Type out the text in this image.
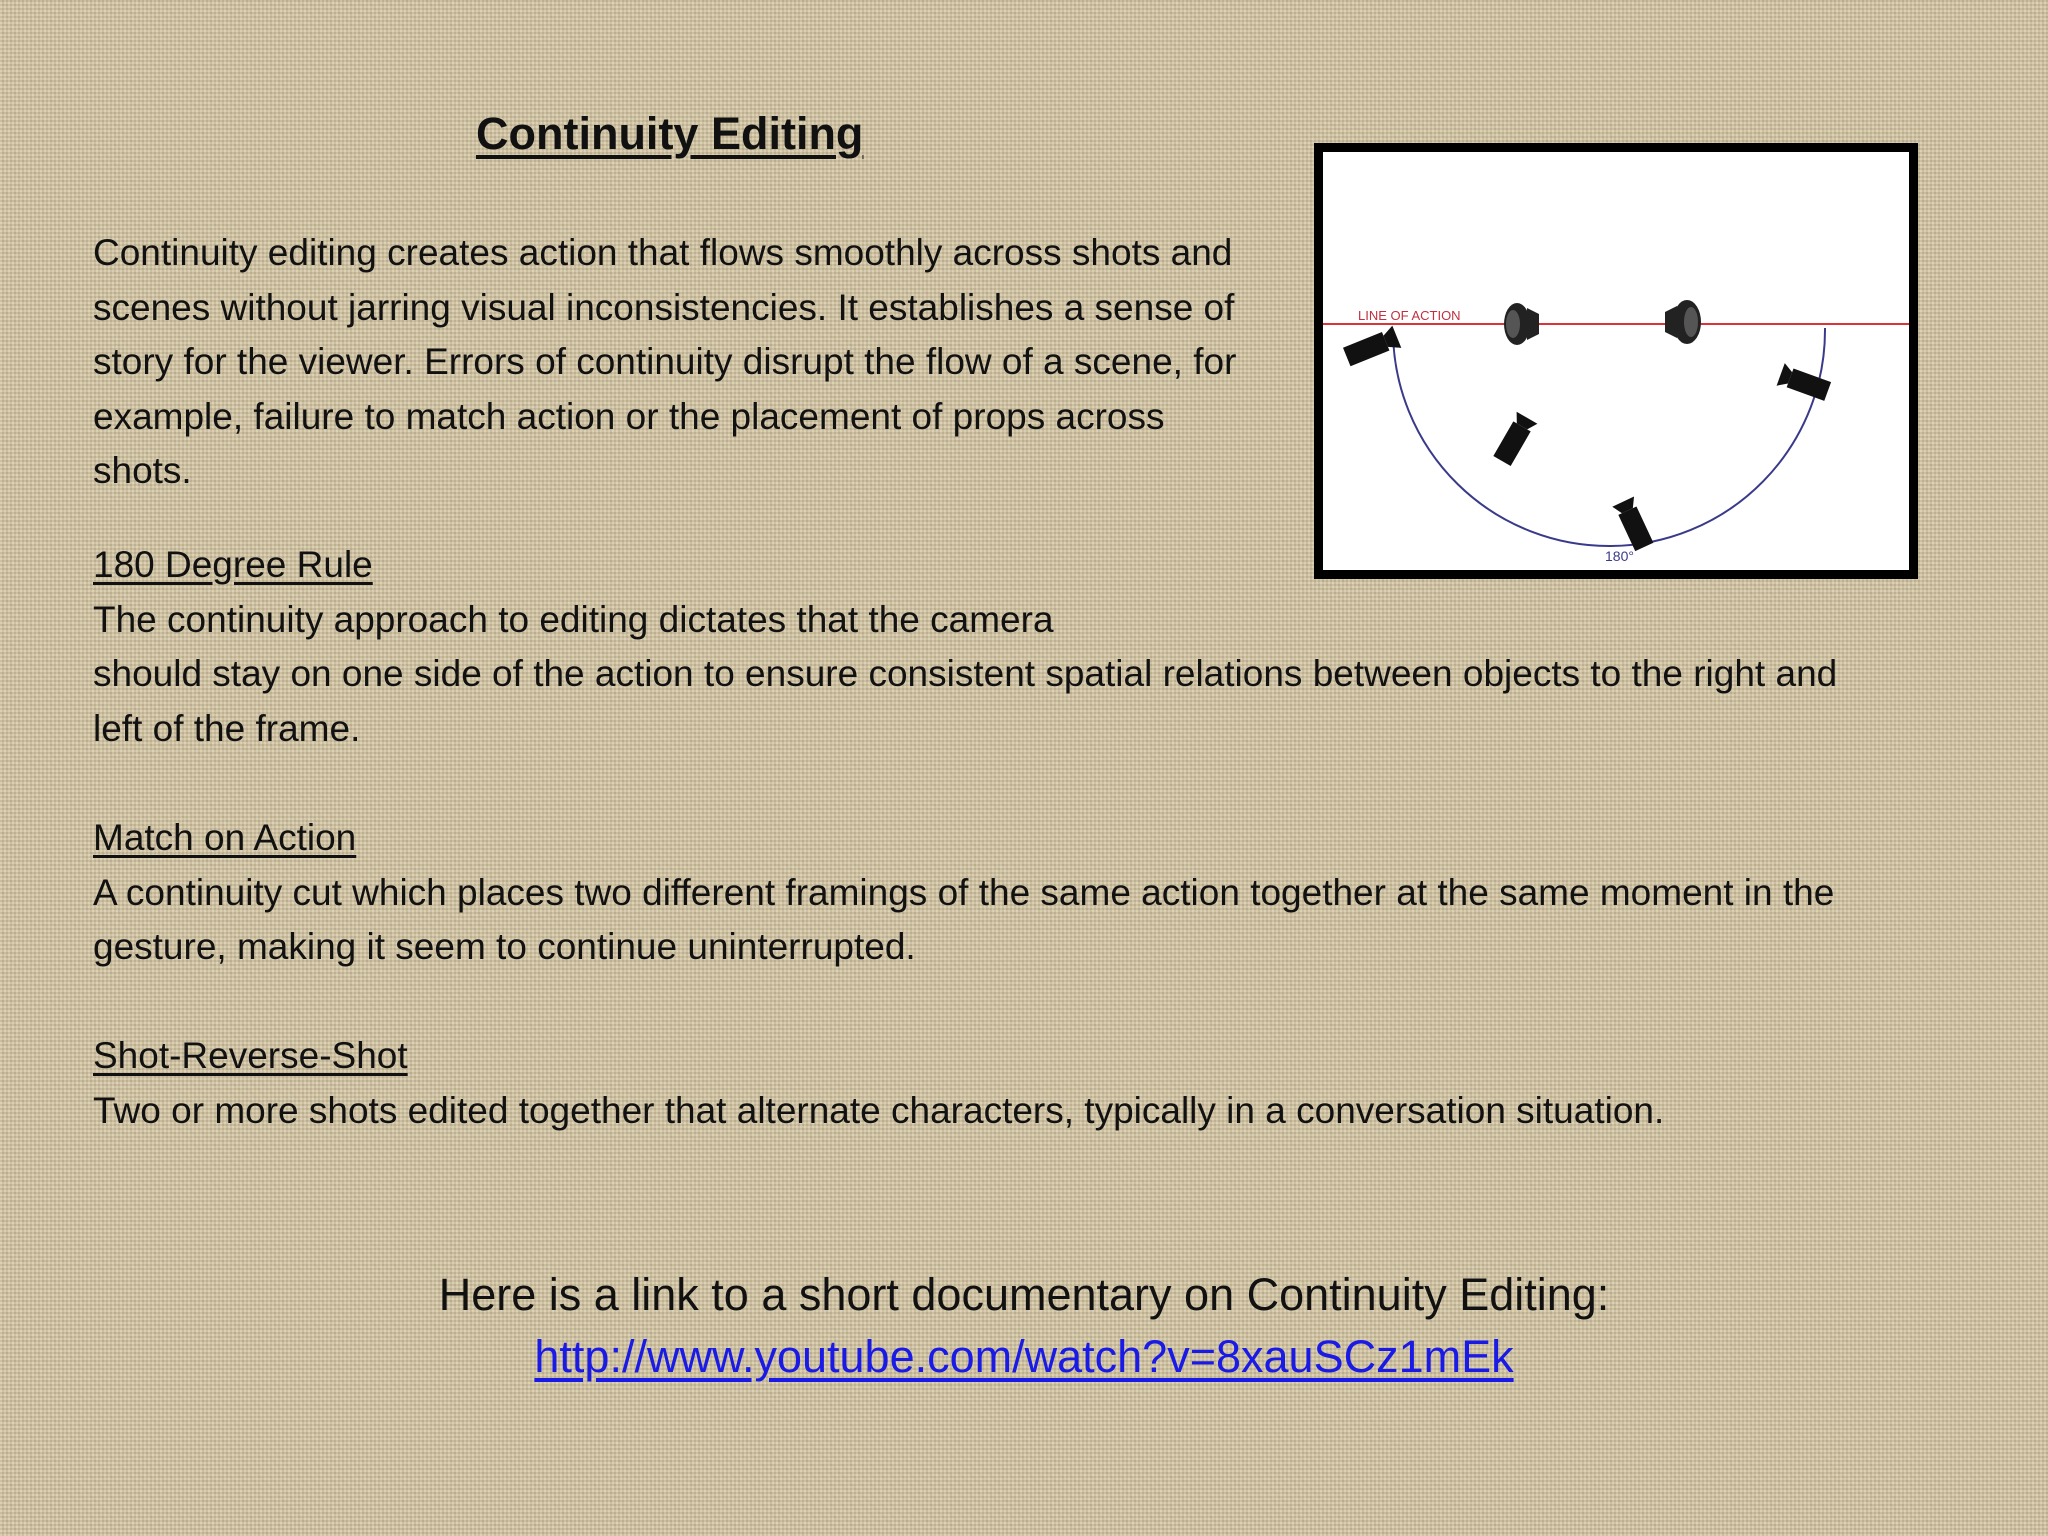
Continuity Editing

Continuity editing creates action that flows smoothly across shots and scenes without jarring visual inconsistencies. It establishes a sense of story for the viewer. Errors of continuity disrupt the flow of a scene, for example, failure to match action or the placement of props across shots.

LINE OF ACTION
180°
180 Degree Rule
The continuity approach to editing dictates that the camera
should stay on one side of the action to ensure consistent spatial relations between objects to the right and left of the frame.
Match on Action
A continuity cut which places two different framings of the same action together at the same moment in the gesture, making it seem to continue uninterrupted.
Shot-Reverse-Shot
Two or more shots edited together that alternate characters, typically in a conversation situation.
Here is a link to a short documentary on Continuity Editing:
http://www.youtube.com/watch?v=8xauSCz1mEk
